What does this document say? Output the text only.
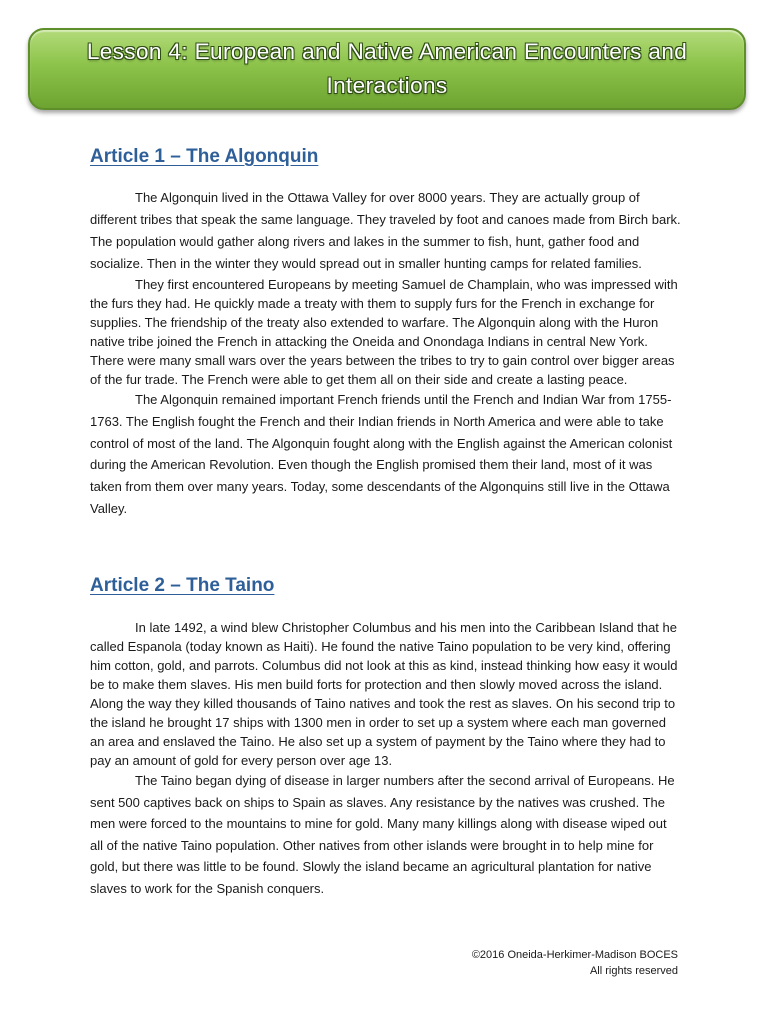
Lesson 4: European and Native American Encounters and Interactions
Article 1 – The Algonquin

The Algonquin lived in the Ottawa Valley for over 8000 years. They are actually group of different tribes that speak the same language. They traveled by foot and canoes made from Birch bark. The population would gather along rivers and lakes in the summer to fish, hunt, gather food and socialize. Then in the winter they would spread out in smaller hunting camps for related families.

They first encountered Europeans by meeting Samuel de Champlain, who was impressed with the furs they had. He quickly made a treaty with them to supply furs for the French in exchange for supplies. The friendship of the treaty also extended to warfare. The Algonquin along with the Huron native tribe joined the French in attacking the Oneida and Onondaga Indians in central New York. There were many small wars over the years between the tribes to try to gain control over bigger areas of the fur trade. The French were able to get them all on their side and create a lasting peace.

The Algonquin remained important French friends until the French and Indian War from 1755-1763. The English fought the French and their Indian friends in North America and were able to take control of most of the land. The Algonquin fought along with the English against the American colonist during the American Revolution. Even though the English promised them their land, most of it was taken from them over many years. Today, some descendants of the Algonquins still live in the Ottawa Valley.

Article 2 – The Taino

In late 1492, a wind blew Christopher Columbus and his men into the Caribbean Island that he called Espanola (today known as Haiti). He found the native Taino population to be very kind, offering him cotton, gold, and parrots. Columbus did not look at this as kind, instead thinking how easy it would be to make them slaves. His men build forts for protection and then slowly moved across the island. Along the way they killed thousands of Taino natives and took the rest as slaves. On his second trip to the island he brought 17 ships with 1300 men in order to set up a system where each man governed an area and enslaved the Taino. He also set up a system of payment by the Taino where they had to pay an amount of gold for every person over age 13.

The Taino began dying of disease in larger numbers after the second arrival of Europeans. He sent 500 captives back on ships to Spain as slaves. Any resistance by the natives was crushed. The men were forced to the mountains to mine for gold. Many many killings along with disease wiped out all of the native Taino population. Other natives from other islands were brought in to help mine for gold, but there was little to be found. Slowly the island became an agricultural plantation for native slaves to work for the Spanish conquers.

©2016 Oneida-Herkimer-Madison BOCES
All rights reserved
